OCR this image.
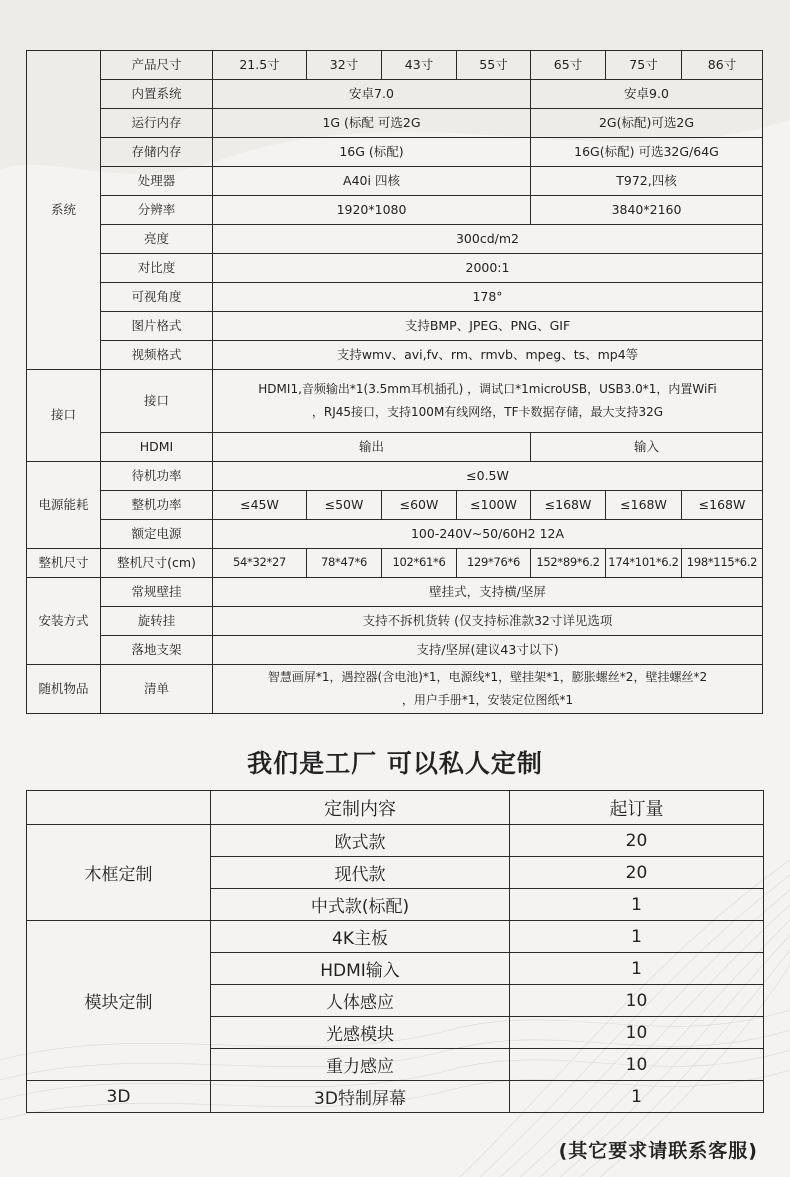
系统	产品尺寸	21.5寸	32寸	43寸	55寸	65寸	75寸	86寸
	内置系统	安卓7.0				安卓9.0		
	运行内存	1G (标配 可选2G				2G(标配)可选2G		
	存储内存	16G (标配)				16G(标配) 可选32G/64G		
	处理器	A40i 四核				T972,四核		
	分辨率	1920*1080				3840*2160		
	亮度	300cd/m2						
	对比度	2000:1						
	可视角度	178°						
	图片格式	支持BMP、JPEG、PNG、GIF						
	视频格式	支持wmv、avi,fv、rm、rmvb、mpeg、ts、mp4等						
接口	接口	HDMI1,音频输出*1(3.5mm耳机插孔) ，调试口*1microUSB，USB3.0*1，内置WiFi
，RJ45接口，支持100M有线网络，TF卡数据存储，最大支持32G						

	HDMI	输出				输入		
电源能耗	待机功率	≤0.5W						
	整机功率	≤45W	≤50W	≤60W	≤100W	≤168W	≤168W	≤168W
	额定电源	100-240V~50/60H2 12A						
整机尺寸	整机尺寸(cm)	54*32*27	78*47*6	102*61*6	129*76*6	152*89*6.2	174*101*6.2	198*115*6.2
安装方式	常规壁挂	壁挂式，支持横/坚屏						
	旋转挂	支持不拆机货转 (仅支持标准款32寸详见选项						
	落地支架	支持/坚屏(建议43寸以下)						
随机物品	清单	智慧画屏*1，遇控器(含电池)*1，电源线*1，壁挂架*1，膨胀螺丝*2，壁挂螺丝*2
，用户手册*1，安装定位图纸*1						
我们是工厂 可以私人定制
	定制内容	起订量
木框定制	欧式款	20
	现代款	20
	中式款(标配)	1
模块定制	4K主板	1
	HDMI输入	1
	人体感应	10
	光感模块	10
	重力感应	10
3D	3D特制屏幕	1
(其它要求请联系客服)
